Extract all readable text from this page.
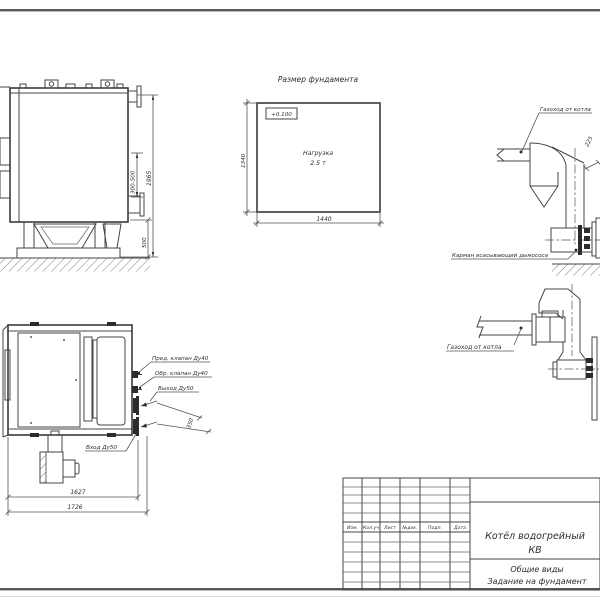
300-500 1965
500
Размер фундамента
+0.100
Нагрузка
2.5 т
1340
1440
Газоход от котла
225
Карман всасывающий дымососа
Газоход от котла
Пред. клапан Ду40
Обр. клапан Ду40
Выход Ду50
Вход Ду50
350
1627
1726
Изм. Кол.уч Лист №док. Подп.	Дата
Котёл водогрейный
КВ
Общие виды
Задание на фундамент
